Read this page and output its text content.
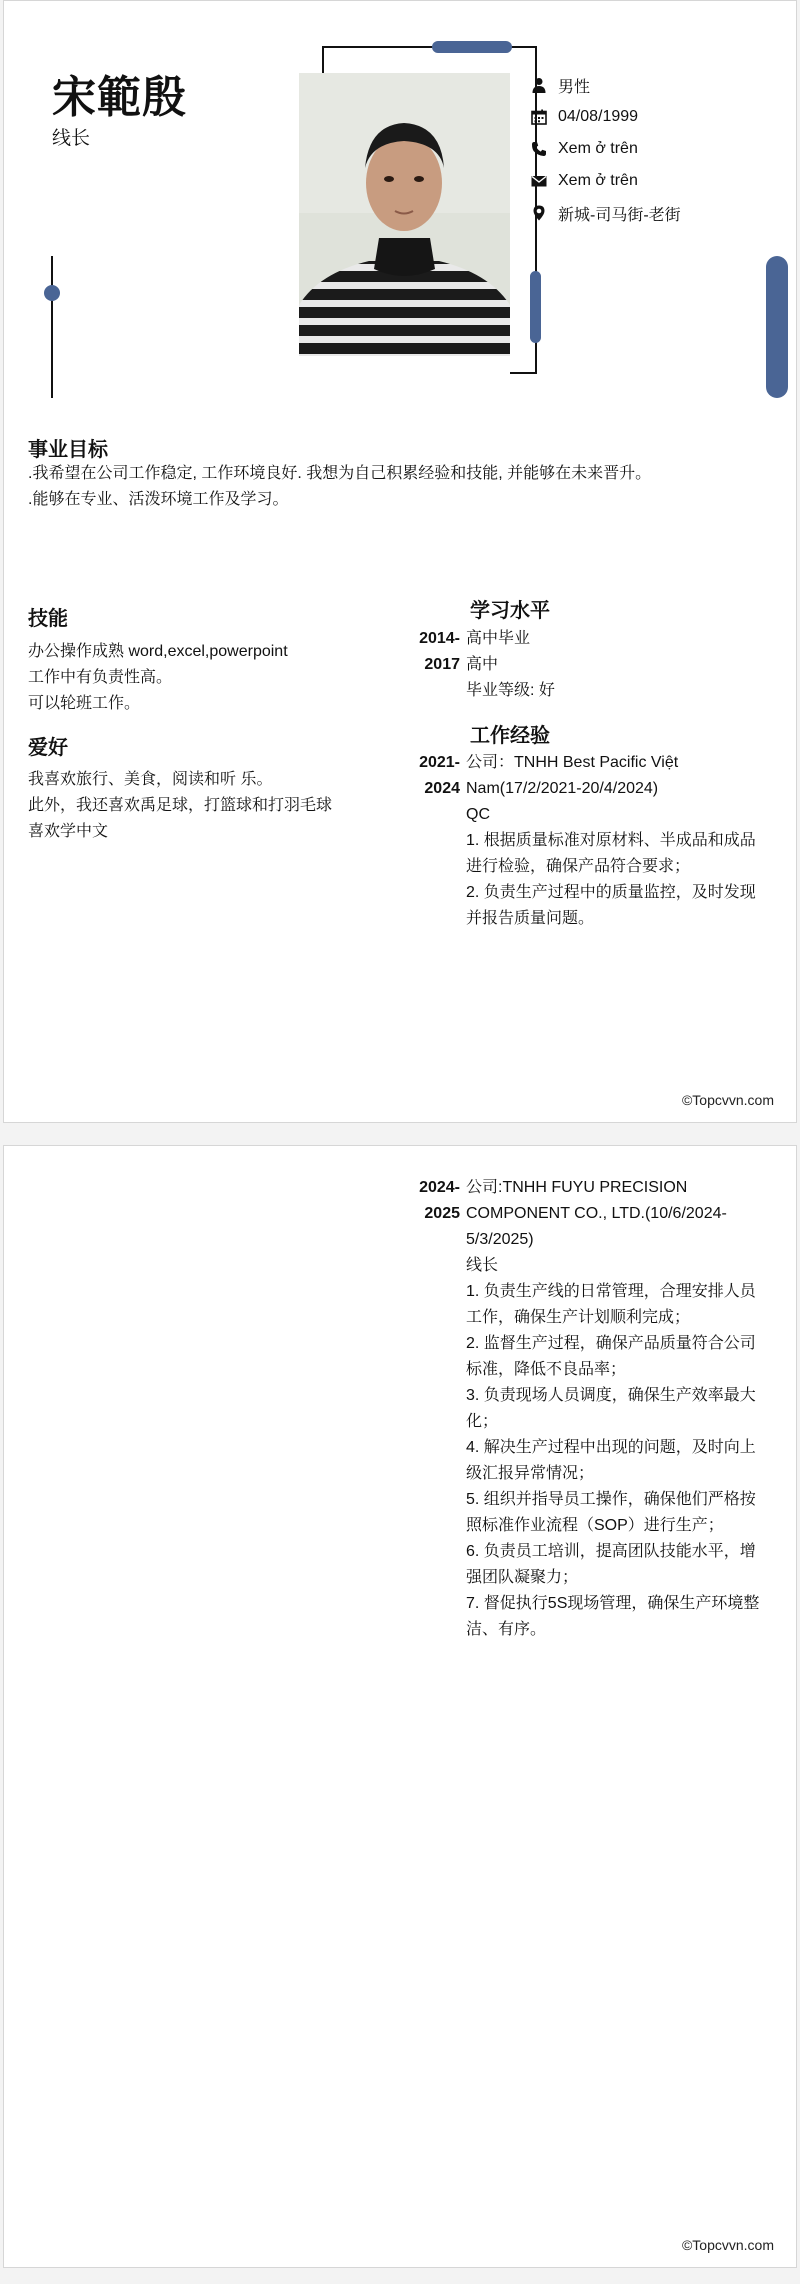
宋範殷
线长
男性
04/08/1999
Xem ở trên
Xem ở trên
新城-司马街-老街
事业目标
.我希望在公司工作稳定, 工作环境良好. 我想为自己积累经验和技能, 并能够在未来晋升。
.能够在专业、活泼环境工作及学习。
技能
办公操作成熟 word,excel,powerpoint
工作中有负责性高。
可以轮班工作。
爱好
我喜欢旅行、美食，阅读和听 乐。
此外，我还喜欢禹足球，打篮球和打羽毛球
喜欢学中文
学习水平
2014-
2017
高中毕业
高中
毕业等级: 好
工作经验
2021-
2024
公司：TNHH Best Pacific Việt
Nam(17/2/2021-20/4/2024)
QC
1. 根据质量标准对原材料、半成品和成品
进行检验，确保产品符合要求；
2. 负责生产过程中的质量监控，及时发现
并报告质量问题。
©Topcvvn.com
2024-
2025
公司:TNHH FUYU PRECISION
COMPONENT CO., LTD.(10/6/2024-
5/3/2025)
线长
1. 负责生产线的日常管理，合理安排人员
工作，确保生产计划顺利完成；
2. 监督生产过程，确保产品质量符合公司
标准，降低不良品率；
3. 负责现场人员调度，确保生产效率最大
化；
4. 解决生产过程中出现的问题，及时向上
级汇报异常情况；
5. 组织并指导员工操作，确保他们严格按
照标准作业流程（SOP）进行生产；
6. 负责员工培训，提高团队技能水平，增
强团队凝聚力；
7. 督促执行5S现场管理，确保生产环境整
洁、有序。
©Topcvvn.com
